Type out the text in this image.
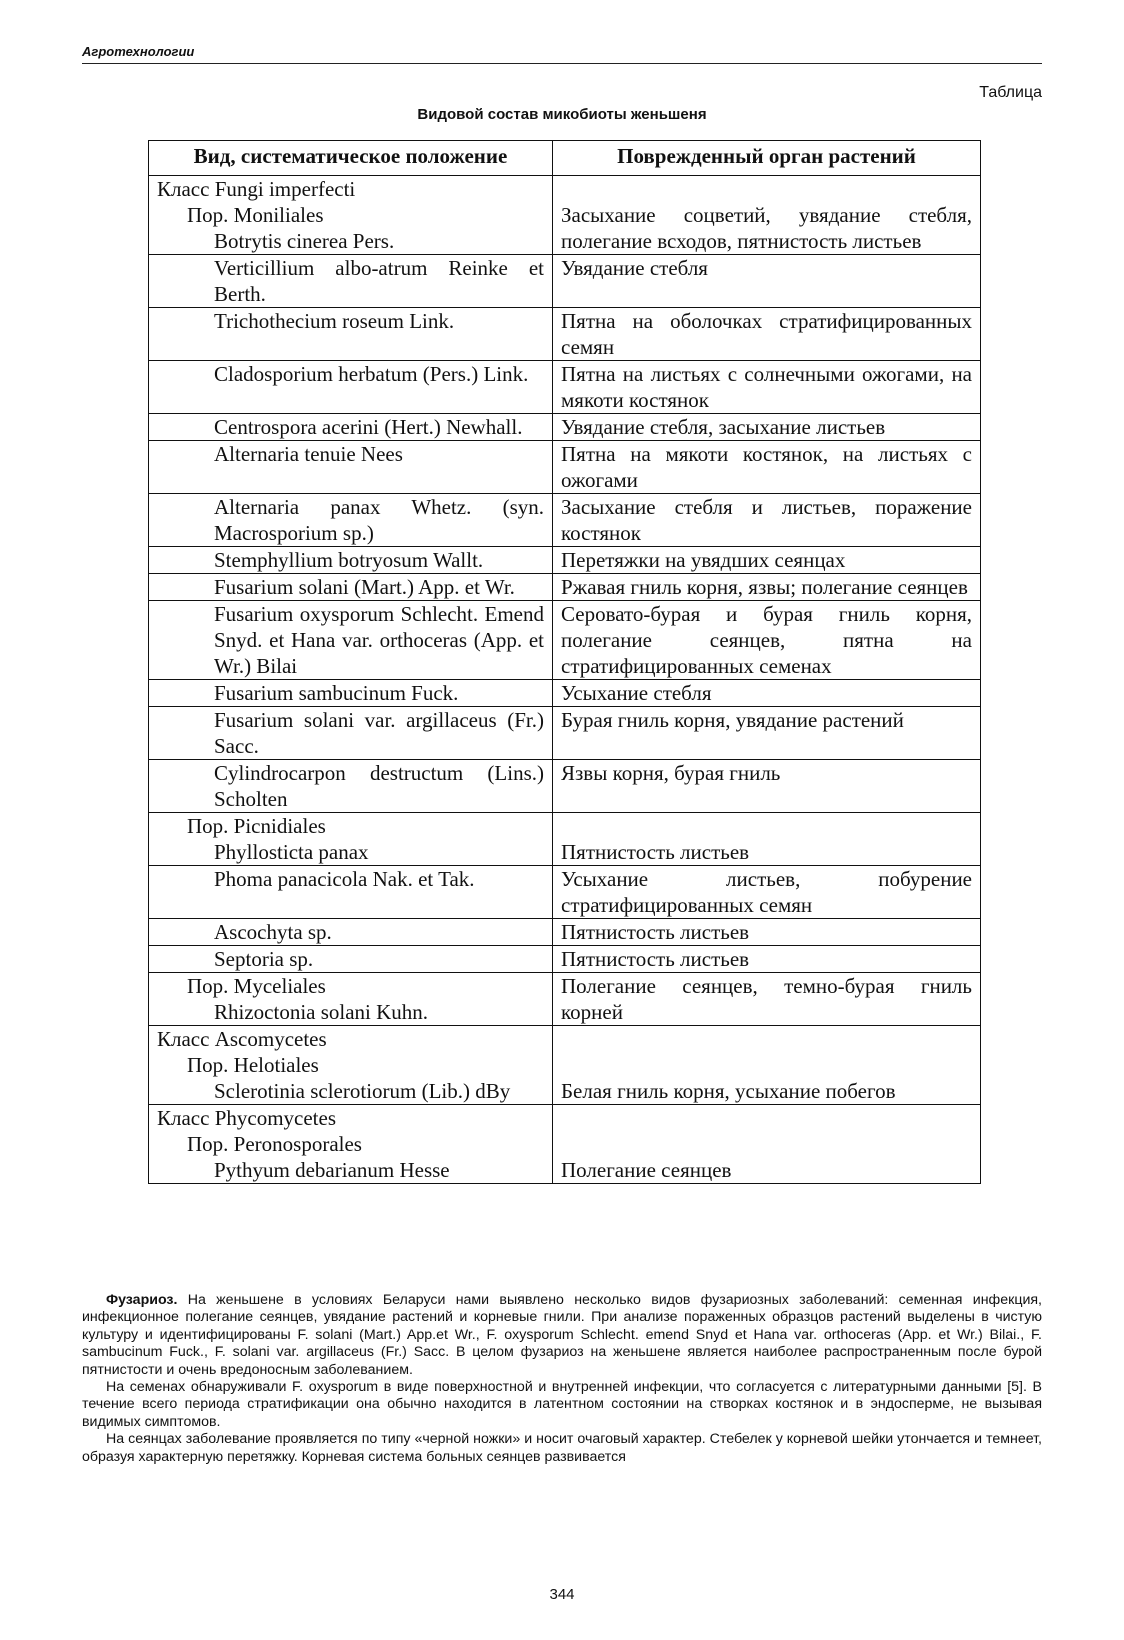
Агротехнологии
Таблица
Видовой состав микобиоты женьшеня
Вид, систематическое положение	Поврежденный орган растений

Класс Fungi imperfecti
Пор. Moniliales
Botrytis cinerea Pers.	Засыхание соцветий, увядание стебля, полегание всходов, пятнистость листьев

Verticillium albo-atrum Reinke et Berth.	Увядание стебля

Trichothecium roseum Link.	Пятна на оболочках стратифицированных семян

Cladosporium herbatum (Pers.) Link.	Пятна на листьях с солнечными ожогами, на мякоти костянок

Centrospora acerini (Hert.) Newhall.	Увядание стебля, засыхание листьев

Alternaria tenuie Nees	Пятна на мякоти костянок, на листьях с ожогами

Alternaria panax Whetz. (syn. Macrosporium sp.)	Засыхание стебля и листьев, поражение костянок

Stemphyllium botryosum Wallt.	Перетяжки на увядших сеянцах

Fusarium solani (Mart.) App. et Wr.	Ржавая гниль корня, язвы; полегание сеянцев

Fusarium oxysporum Schlecht. Emend Snyd. et Hana var. orthoceras (App. et Wr.) Bilai	Серовато-бурая и бурая гниль корня, полегание сеянцев, пятна на стратифицированных семенах

Fusarium sambucinum Fuck.	Усыхание стебля

Fusarium solani var. argillaceus (Fr.) Sacc.	Бурая гниль корня, увядание растений

Cylindrocarpon destructum (Lins.) Scholten	Язвы корня, бурая гниль

Пор. Picnidiales
Phyllosticta panax	Пятнистость листьев

Phoma panacicola Nak. et Tak.	Усыхание листьев, побурение стратифицированных семян

Ascochyta sp.	Пятнистость листьев

Septoria sp.	Пятнистость листьев

Пор. Myceliales
Rhizoctonia solani Kuhn.	Полегание сеянцев, темно-бурая гниль корней

Класс Ascomycetes
Пор. Helotiales
Sclerotinia sclerotiorum (Lib.) dBy	Белая гниль корня, усыхание побегов

Класс Phycomycetes
Пор. Peronosporales
Pythyum debarianum Hesse	Полегание сеянцев

Фузариоз. На женьшене в условиях Беларуси нами выявлено несколько видов фузариозных заболеваний: семенная инфекция, инфекционное полегание сеянцев, увядание растений и корневые гнили. При анализе пораженных образцов растений выделены в чистую культуру и идентифицированы F. solani (Mart.) App.et Wr., F. oxysporum Schlecht. emend Snyd et Hana var. orthoceras (App. et Wr.) Bilai., F. sambucinum Fuck., F. solani var. argillaceus (Fr.) Sacc. В целом фузариоз на женьшене является наиболее распространенным после бурой пятнистости и очень вредоносным заболеванием.

На семенах обнаруживали F. oxysporum в виде поверхностной и внутренней инфекции, что согласуется с литературными данными [5]. В течение всего периода стратификации она обычно находится в латентном состоянии на створках костянок и в эндосперме, не вызывая видимых симптомов.

На сеянцах заболевание проявляется по типу «черной ножки» и носит очаговый характер. Стебелек у корневой шейки утончается и темнеет, образуя характерную перетяжку. Корневая система больных сеянцев развивается

344
